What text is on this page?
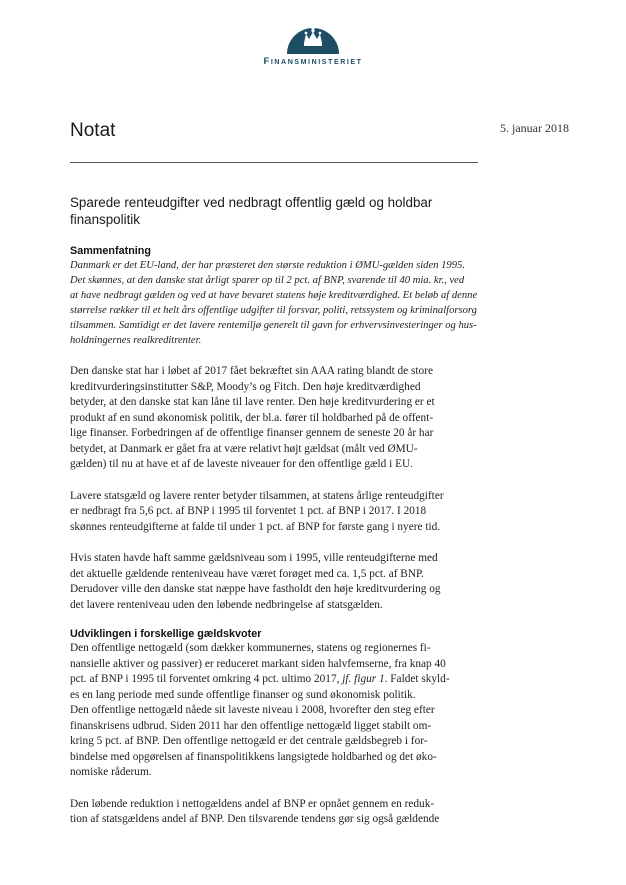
Finansministeriet
Notat	5. januar 2018
Sparede renteudgifter ved nedbragt offentlig gæld og holdbar
finanspolitik
Sammenfatning

Danmark er det EU-land, der har præsteret den største reduktion i ØMU-gælden siden 1995.
Det skønnes, at den danske stat årligt sparer op til 2 pct. af BNP, svarende til 40 mia. kr., ved
at have nedbragt gælden og ved at have bevaret statens høje kreditværdighed. Et beløb af denne
størrelse rækker til et helt års offentlige udgifter til forsvar, politi, retssystem og kriminalforsorg
tilsammen. Samtidigt er det lavere rentemiljø generelt til gavn for erhvervsinvesteringer og hus-
holdningernes realkreditrenter.

Den danske stat har i løbet af 2017 fået bekræftet sin AAA rating blandt de store
kreditvurderingsinstitutter S&P, Moody’s og Fitch. Den høje kreditværdighed
betyder, at den danske stat kan låne til lave renter. Den høje kreditvurdering er et
produkt af en sund økonomisk politik, der bl.a. fører til holdbarhed på de offent-
lige finanser. Forbedringen af de offentlige finanser gennem de seneste 20 år har
betydet, at Danmark er gået fra at være relativt højt gældsat (målt ved ØMU-
gælden) til nu at have et af de laveste niveauer for den offentlige gæld i EU.

Lavere statsgæld og lavere renter betyder tilsammen, at statens årlige renteudgifter
er nedbragt fra 5,6 pct. af BNP i 1995 til forventet 1 pct. af BNP i 2017. I 2018
skønnes renteudgifterne at falde til under 1 pct. af BNP for første gang i nyere tid.

Hvis staten havde haft samme gældsniveau som i 1995, ville renteudgifterne med
det aktuelle gældende renteniveau have været forøget med ca. 1,5 pct. af BNP.
Derudover ville den danske stat næppe have fastholdt den høje kreditvurdering og
det lavere renteniveau uden den løbende nedbringelse af statsgælden.

Udviklingen i forskellige gældskvoter

Den offentlige nettogæld (som dækker kommunernes, statens og regionernes fi-
nansielle aktiver og passiver) er reduceret markant siden halvfemserne, fra knap 40
pct. af BNP i 1995 til forventet omkring 4 pct. ultimo 2017, jf. figur 1. Faldet skyld-
es en lang periode med sunde offentlige finanser og sund økonomisk politik.
Den offentlige nettogæld nåede sit laveste niveau i 2008, hvorefter den steg efter
finanskrisens udbrud. Siden 2011 har den offentlige nettogæld ligget stabilt om-
kring 5 pct. af BNP. Den offentlige nettogæld er det centrale gældsbegreb i for-
bindelse med opgørelsen af finanspolitikkens langsigtede holdbarhed og det øko-
nomiske råderum.

Den løbende reduktion i nettogældens andel af BNP er opnået gennem en reduk-
tion af statsgældens andel af BNP. Den tilsvarende tendens gør sig også gældende
